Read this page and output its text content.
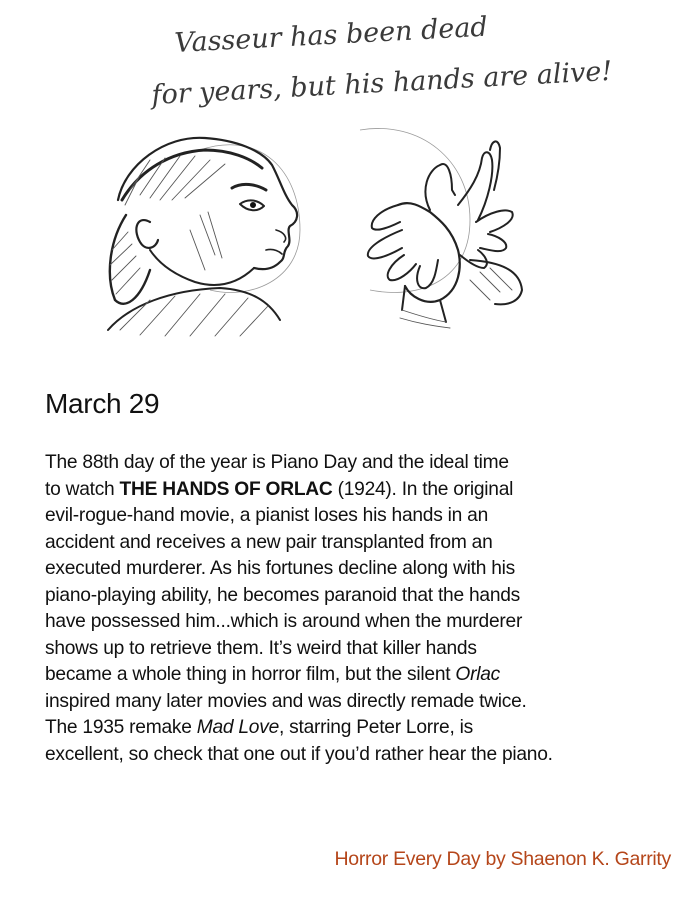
Vasseur has been dead
for years, but his hands are alive!
March 29
The 88th day of the year is Piano Day and the ideal time
to watch THE HANDS OF ORLAC (1924). In the original
evil-rogue-hand movie, a pianist loses his hands in an
accident and receives a new pair transplanted from an
executed murderer. As his fortunes decline along with his
piano-playing ability, he becomes paranoid that the hands
have possessed him...which is around when the murderer
shows up to retrieve them. It’s weird that killer hands
became a whole thing in horror film, but the silent Orlac
inspired many later movies and was directly remade twice.
The 1935 remake Mad Love, starring Peter Lorre, is
excellent, so check that one out if you’d rather hear the piano.

Horror Every Day by Shaenon K. Garrity
